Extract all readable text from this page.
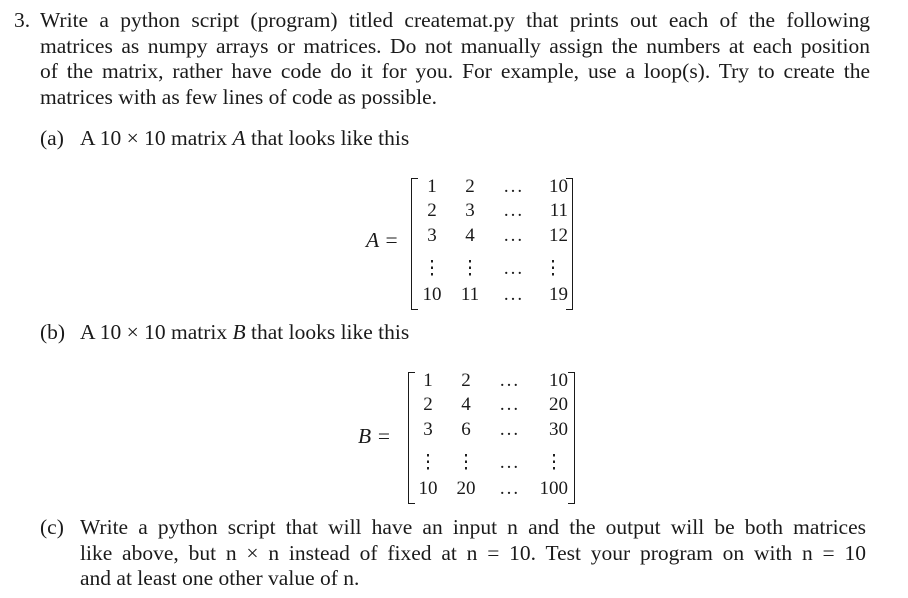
3. Write a python script (program) titled createmat.py that prints out each of the following
matrices as numpy arrays or matrices. Do not manually assign the numbers at each position
of the matrix, rather have code do it for you. For example, use a loop(s). Try to create the
matrices with as few lines of code as possible.
(a) A 10 × 10 matrix A that looks like this
A =
1
2
3
⋮
10
2
3
4
⋮
11
...
...
...
...
...
10
11
12
⋮
19
(b) A 10 × 10 matrix B that looks like this
B =
1
2
3
⋮
10
2
4
6
⋮
20
...
...
...
...
...
10
20
30
⋮
100
(c) Write a python script that will have an input n and the output will be both matrices
like above, but n × n instead of fixed at n = 10. Test your program on with n = 10
and at least one other value of n.
